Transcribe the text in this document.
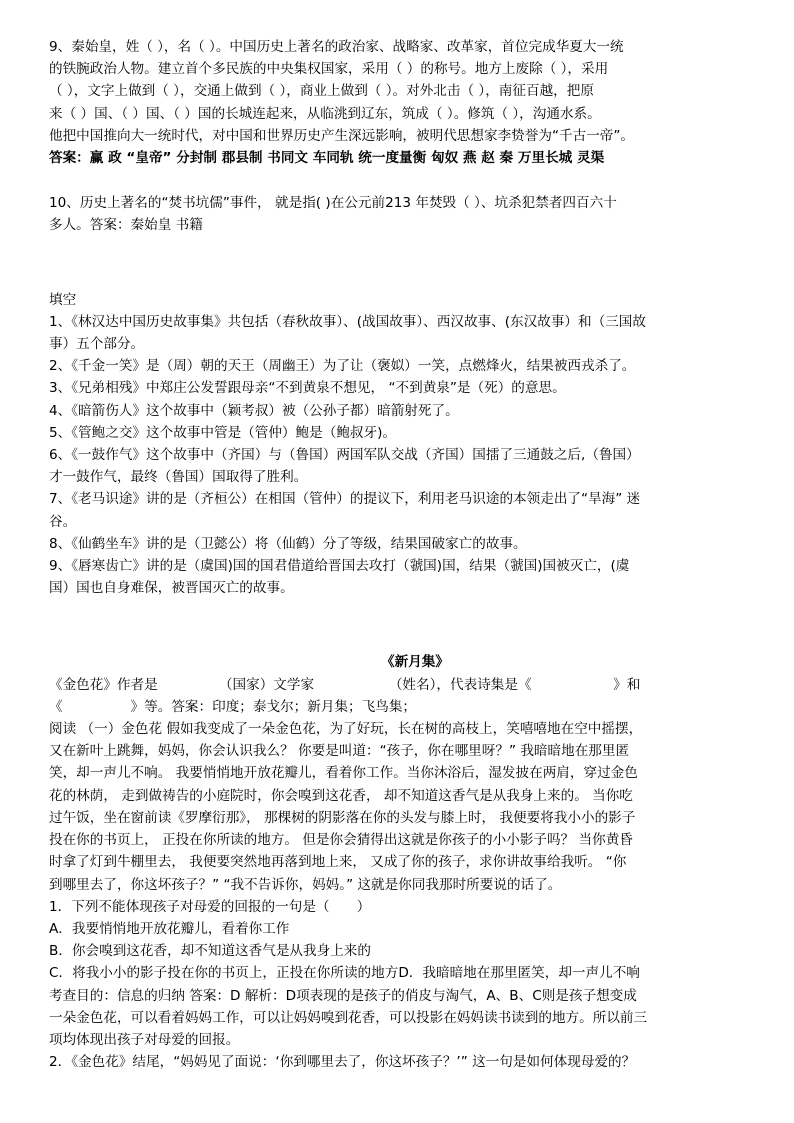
9、秦始皇，姓（ ），名（ ）。中国历史上著名的政治家、战略家、改革家，首位完成华夏大一统
的铁腕政治人物。建立首个多民族的中央集权国家，采用（ ）的称号。地方上废除（ ），采用
（ ），文字上做到（ ），交通上做到（ ），商业上做到（ ）。对外北击（ ），南征百越，把原
来（ ）国、（ ）国、（ ）国的长城连起来，从临洮到辽东，筑成（ ）。修筑（ ），沟通水系。
他把中国推向大一统时代，对中国和世界历史产生深远影响，被明代思想家李贽誉为“千古一帝”。
答案：赢 政 “皇帝” 分封制 郡县制 书同文 车同轨 统一度量衡 匈奴 燕 赵 秦 万里长城 灵渠
10、历史上著名的“焚书坑儒”事件， 就是指( )在公元前213 年焚毁（ ）、坑杀犯禁者四百六十
多人。答案：秦始皇 书籍
填空
1、《林汉达中国历史故事集》共包括（春秋故事）、(战国故事）、西汉故事、(东汉故事）和（三国故
事）五个部分。
2、《千金一笑》是（周）朝的天王（周幽王）为了让（褒姒）一笑，点燃烽火，结果被西戎杀了。
3、《兄弟相残》中郑庄公发誓跟母亲“不到黄泉不想见， “不到黄泉”是（死）的意思。
4、《暗箭伤人》这个故事中（颖考叔）被（公孙子都）暗箭射死了。
5、《管鲍之交》这个故事中管是（管仲）鲍是（鲍叔牙)。
6、《一鼓作气》这个故事中（齐国）与（鲁国）两国军队交战（齐国）国擂了三通鼓之后,（鲁国）
才一鼓作气，最终（鲁国）国取得了胜利。
7、《老马识途》讲的是（齐桓公）在相国（管仲）的提议下，利用老马识途的本领走出了“旱海” 迷
谷。
8、《仙鹤坐车》讲的是（卫懿公）将（仙鹤）分了等级，结果国破家亡的故事。
9、《唇寒齿亡》讲的是（虞国)国的国君借道给晋国去攻打（虢国)国，结果（虢国)国被灭亡，(虞
国）国也自身难保，被晋国灭亡的故事。
《新月集》
《金色花》作者是　　　　　（国家）文学家　　　　　　（姓名），代表诗集是《　　　　　　》和
《　　　　　》等。答案：印度；泰戈尔；新月集；飞鸟集；
阅读 （一）金色花 假如我变成了一朵金色花，为了好玩，长在树的高枝上，笑嘻嘻地在空中摇摆，
又在新叶上跳舞，妈妈，你会认识我么？ 你要是叫道：“孩子，你在哪里呀？” 我暗暗地在那里匿
笑，却一声儿不响。 我要悄悄地开放花瓣儿，看着你工作。当你沐浴后，湿发披在两肩，穿过金色
花的林荫， 走到做祷告的小庭院时，你会嗅到这花香， 却不知道这香气是从我身上来的。 当你吃
过午饭，坐在窗前读《罗摩衍那》， 那棵树的阴影落在你的头发与膝上时， 我便要将我小小的影子
投在你的书页上， 正投在你所读的地方。 但是你会猜得出这就是你孩子的小小影子吗？ 当你黄昏
时拿了灯到牛棚里去， 我便要突然地再落到地上来， 又成了你的孩子，求你讲故事给我听。 “你
到哪里去了，你这坏孩子？” “我不告诉你，妈妈。” 这就是你同我那时所要说的话了。
1．下列不能体现孩子对母爱的回报的一句是（　　）
A．我要悄悄地开放花瓣儿，看着你工作
B．你会嗅到这花香，却不知道这香气是从我身上来的
C．将我小小的影子投在你的书页上，正投在你所读的地方D．我暗暗地在那里匿笑，却一声儿不响
考查目的：信息的归纳 答案：D 解析：D项表现的是孩子的俏皮与淘气，A、B、C则是孩子想变成
一朵金色花，可以看着妈妈工作，可以让妈妈嗅到花香，可以投影在妈妈读书读到的地方。所以前三
项均体现出孩子对母爱的回报。
2．《金色花》结尾，“妈妈见了面说：‘你到哪里去了，你这坏孩子？’” 这一句是如何体现母爱的？
